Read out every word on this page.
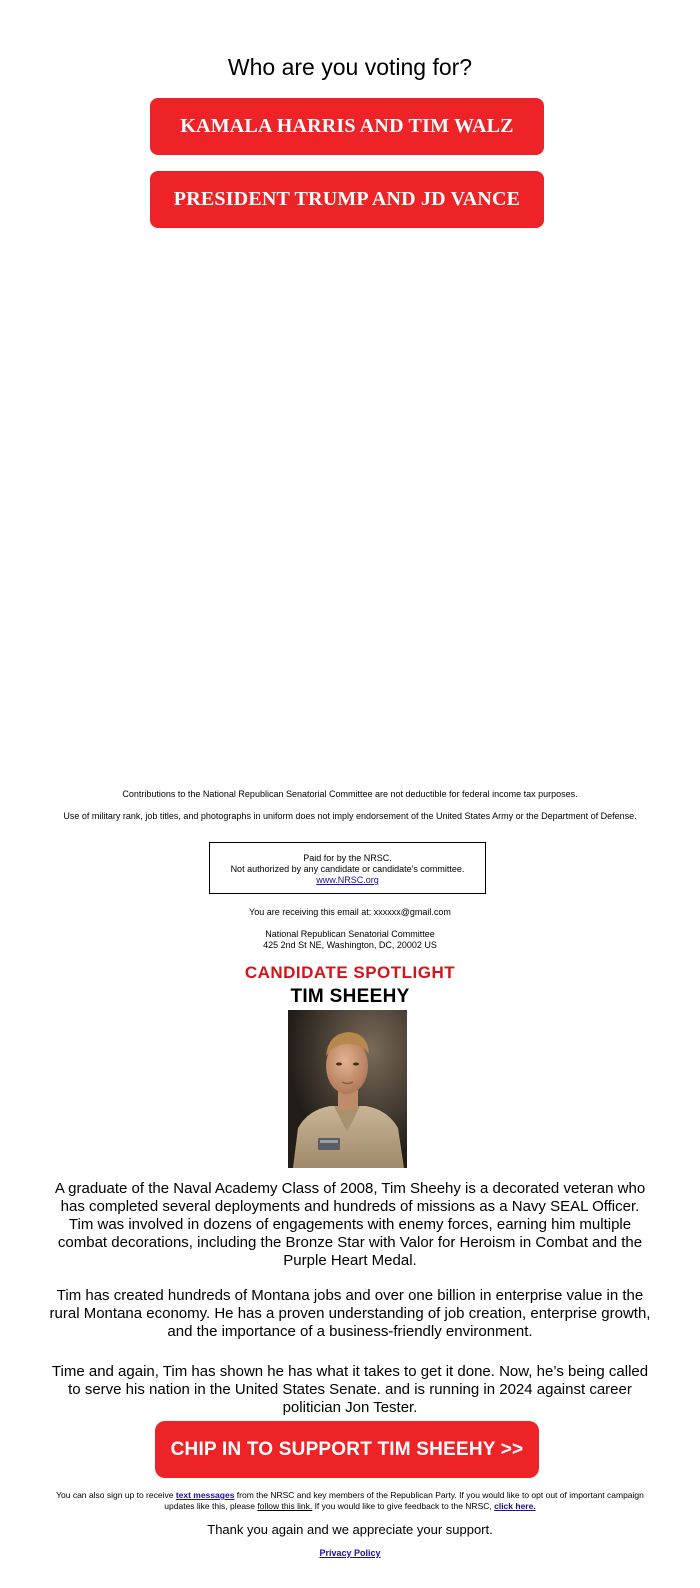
Who are you voting for?
KAMALA HARRIS AND TIM WALZ
PRESIDENT TRUMP AND JD VANCE
Contributions to the National Republican Senatorial Committee are not deductible for federal income tax purposes.
Use of military rank, job titles, and photographs in uniform does not imply endorsement of the United States Army or the Department of Defense.
Paid for by the NRSC.
Not authorized by any candidate or candidate's committee.
www.NRSC.org
You are receiving this email at: xxxxxx@gmail.com
National Republican Senatorial Committee
425 2nd St NE, Washington, DC, 20002 US
CANDIDATE SPOTLIGHT
TIM SHEEHY
A graduate of the Naval Academy Class of 2008, Tim Sheehy is a decorated veteran who has completed several deployments and hundreds of missions as a Navy SEAL Officer. Tim was involved in dozens of engagements with enemy forces, earning him multiple combat decorations, including the Bronze Star with Valor for Heroism in Combat and the Purple Heart Medal.
Tim has created hundreds of Montana jobs and over one billion in enterprise value in the rural Montana economy. He has a proven understanding of job creation, enterprise growth, and the importance of a business-friendly environment.
Time and again, Tim has shown he has what it takes to get it done. Now, he’s being called to serve his nation in the United States Senate. and is running in 2024 against career politician Jon Tester.
CHIP IN TO SUPPORT TIM SHEEHY >>
You can also sign up to receive text messages from the NRSC and key members of the Republican Party. If you would like to opt out of important campaign updates like this, please follow this link. If you would like to give feedback to the NRSC, click here.
Thank you again and we appreciate your support.
Privacy Policy
